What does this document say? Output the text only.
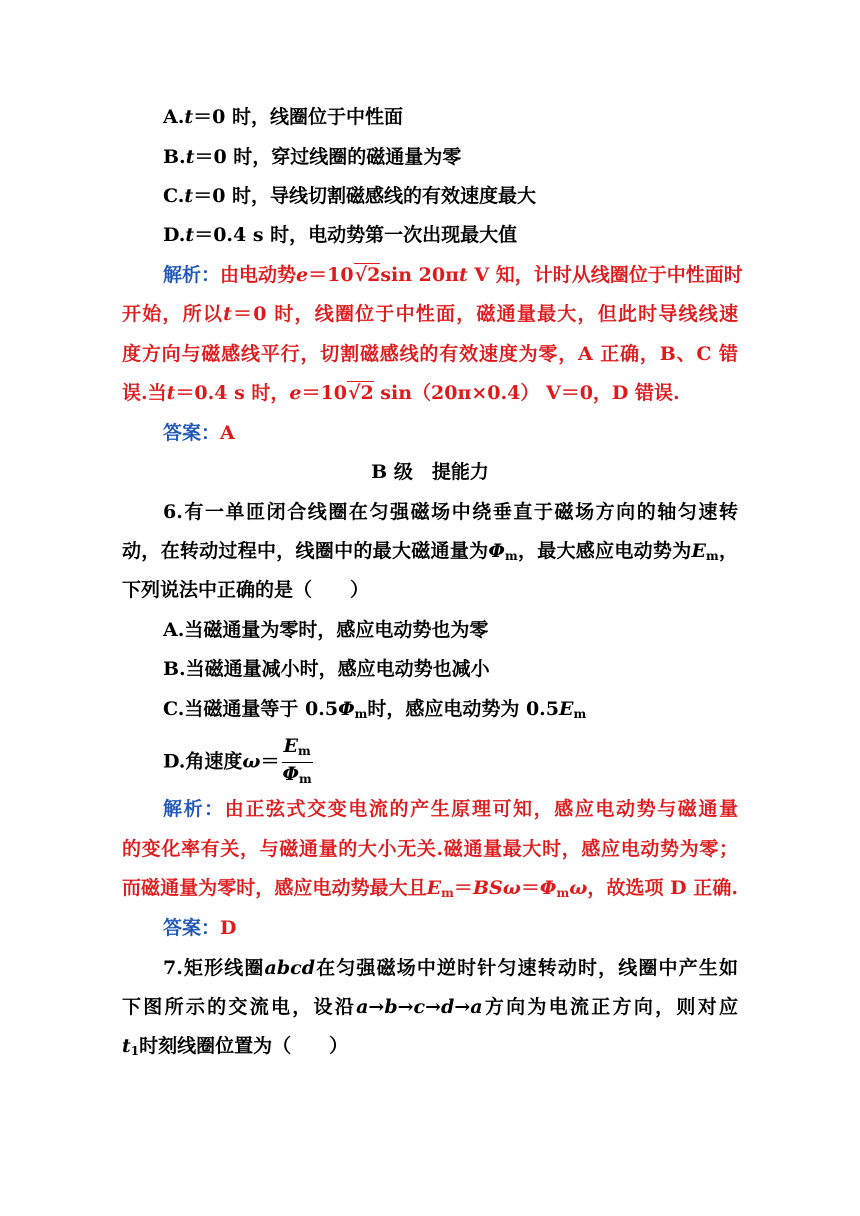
A.t＝0 时，线圈位于中性面
B.t＝0 时，穿过线圈的磁通量为零
C.t＝0 时，导线切割磁感线的有效速度最大
D.t＝0.4 s 时，电动势第一次出现最大值
解析：由电动势e＝10√2sin 20πt V 知，计时从线圈位于中性面时
开始，所以t＝0 时，线圈位于中性面，磁通量最大，但此时导线线速
度方向与磁感线平行，切割磁感线的有效速度为零，A 正确，B、C 错
误.当t＝0.4 s 时，e＝10√2 sin（20π×0.4） V＝0，D 错误.
答案：A
B 级　提能力
6.有一单匝闭合线圈在匀强磁场中绕垂直于磁场方向的轴匀速转
动，在转动过程中，线圈中的最大磁通量为$\Phi_m$，最大感应电动势为$E_m$，
下列说法中正确的是（　　）
A.当磁通量为零时，感应电动势也为零
B.当磁通量减小时，感应电动势也减小
C.当磁通量等于 $0.5\Phi_m$时，感应电动势为 $0.5E_m$
D.角速度$\omega= \frac{E_m}{\Phi_m}$
解析：由正弦式交变电流的产生原理可知，感应电动势与磁通量
的变化率有关，与磁通量的大小无关.磁通量最大时，感应电动势为零；
而磁通量为零时，感应电动势最大且$E_m=BS\omega=\Phi_m\omega$，故选项 D 正确.
答案：D
7.矩形线圈abcd在匀强磁场中逆时针匀速转动时，线圈中产生如
下图所示的交流电，设沿a→b→c→d→a方向为电流正方向，则对应
$t_1$时刻线圈位置为（　　）
